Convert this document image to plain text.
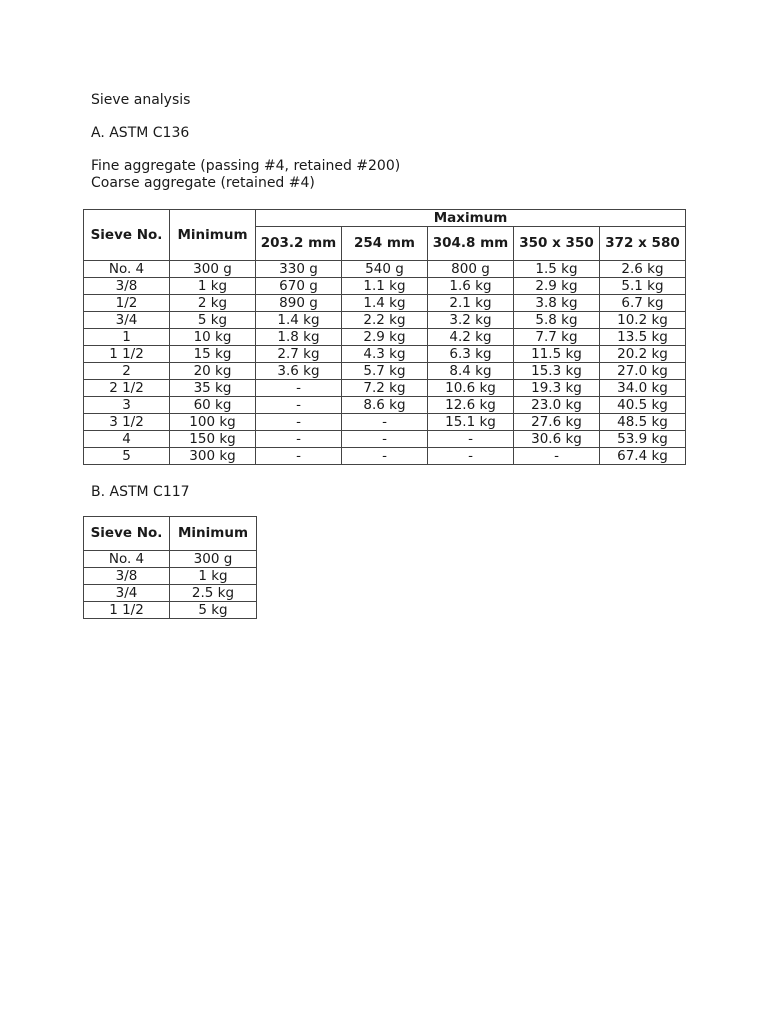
Sieve analysis
A. ASTM C136
Fine aggregate (passing #4, retained #200)
Coarse aggregate (retained #4)
Sieve No.	Minimum	Maximum				
		203.2 mm	254 mm	304.8 mm	350 x 350	372 x 580
No. 4	300 g	330 g	540 g	800 g	1.5 kg	2.6 kg
3/8	1 kg	670 g	1.1 kg	1.6 kg	2.9 kg	5.1 kg
1/2	2 kg	890 g	1.4 kg	2.1 kg	3.8 kg	6.7 kg
3/4	5 kg	1.4 kg	2.2 kg	3.2 kg	5.8 kg	10.2 kg
1	10 kg	1.8 kg	2.9 kg	4.2 kg	7.7 kg	13.5 kg
1 1/2	15 kg	2.7 kg	4.3 kg	6.3 kg	11.5 kg	20.2 kg
2	20 kg	3.6 kg	5.7 kg	8.4 kg	15.3 kg	27.0 kg
2 1/2	35 kg	-	7.2 kg	10.6 kg	19.3 kg	34.0 kg
3	60 kg	-	8.6 kg	12.6 kg	23.0 kg	40.5 kg
3 1/2	100 kg	-	-	15.1 kg	27.6 kg	48.5 kg
4	150 kg	-	-	-	30.6 kg	53.9 kg
5	300 kg	-	-	-	-	67.4 kg
B. ASTM C117
Sieve No.	Minimum
No. 4	300 g
3/8	1 kg
3/4	2.5 kg
1 1/2	5 kg
